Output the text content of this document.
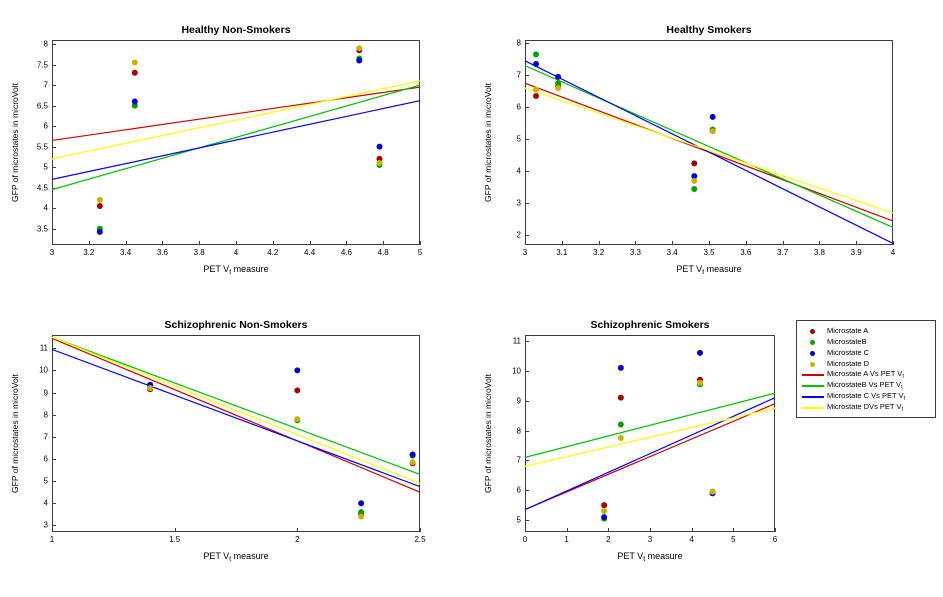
Healthy Non-Smokers
3	3.2	3.4	3.6	3.8	4	4.2	4.4	4.6	4.8	5
3.5
4
4.5
5
5.5
6
6.5
7
7.5
8
PET $V_t$ measure
GFP of microstates in microVolt
Healthy Smokers
3	3.1	3.2	3.3	3.4	3.5	3.6	3.7	3.8	3.9	4
2
3
4
5
6
7
8
PET $V_t$ measure
GFP of microstates in microVolt
Schizophrenic Non-Smokers
1	1.5	2	2.5
3
4
5
6
7
8
9
10
11
PET $V_t$ measure
GFP of microstates in microVolt
Schizophrenic Smokers
0	1	2	3	4	5	6
5
6
7
8
9
10
11
PET $V_t$ measure
GFP of microstates in microVolt
Microstate A
MicrostateB
Microstate C
Microstate D
Microstate A Vs PET $V_t$
MicrostateB Vs PET $V_t$
Microstate C Vs PET $V_t$
Microstate DVs PET $V_t$
